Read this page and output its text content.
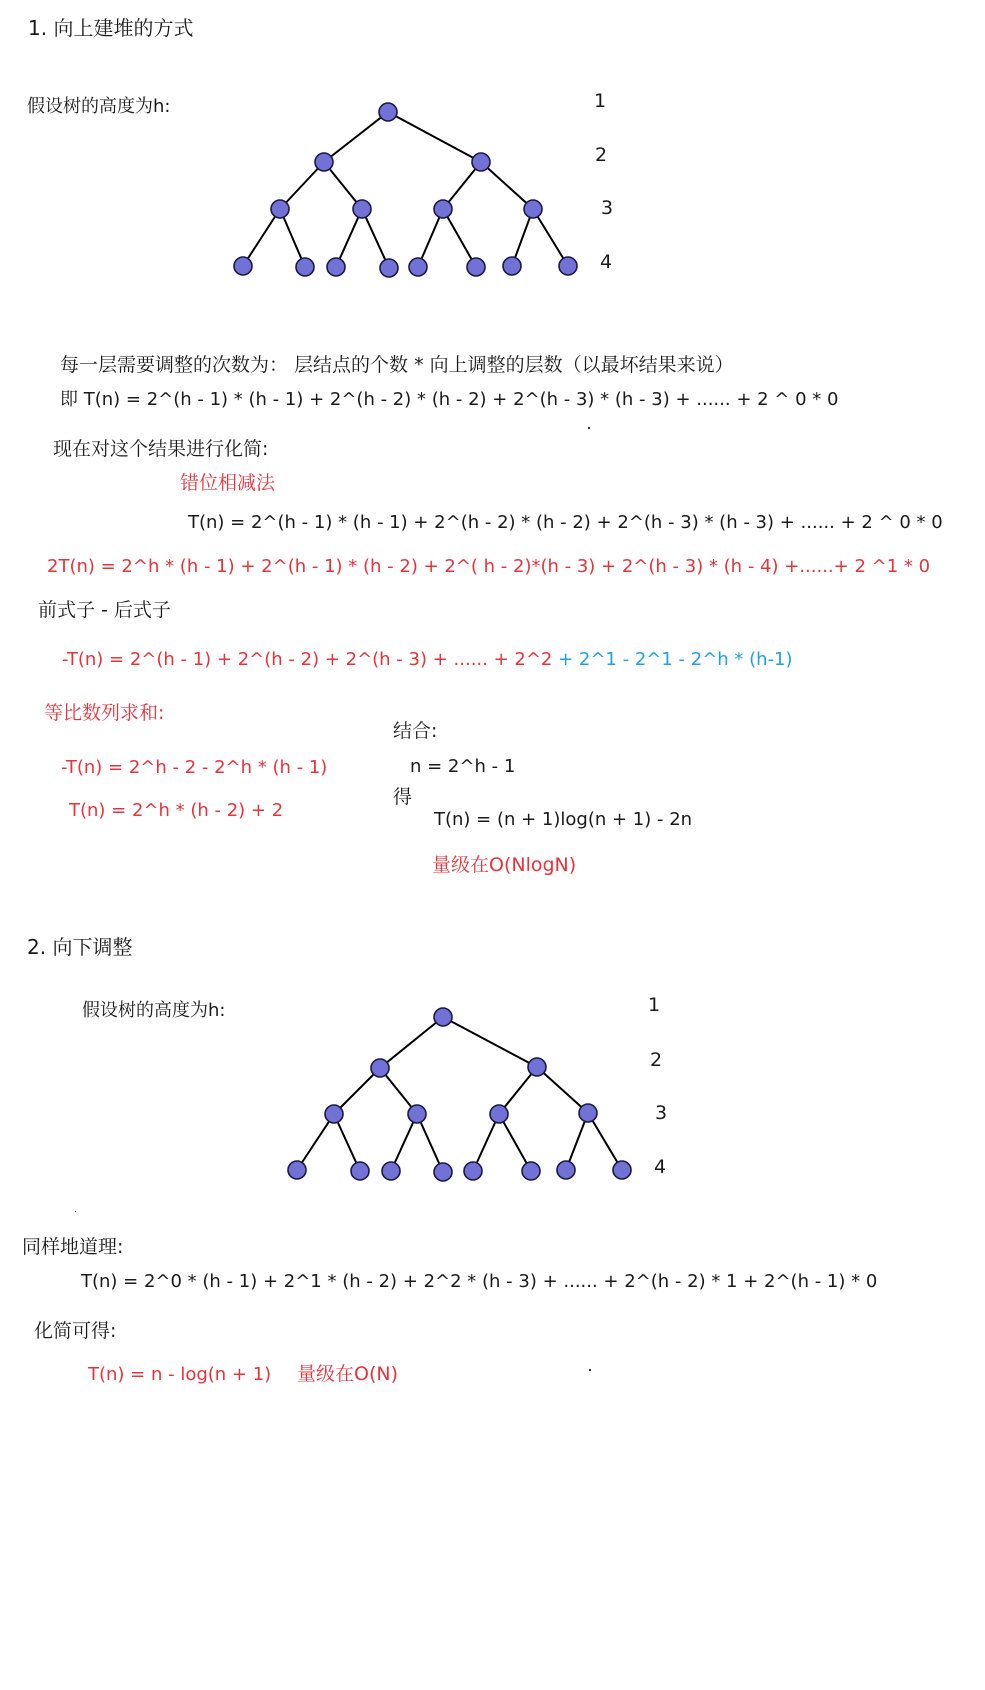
1. 向上建堆的方式
假设树的高度为h:	1
2
3
4
每一层需要调整的次数为： 层结点的个数 * 向上调整的层数（以最坏结果来说）
即 T(n) = 2^(h - 1) * (h - 1) + 2^(h - 2) * (h - 2) + 2^(h - 3) * (h - 3) + ...... + 2 ^ 0 * 0
现在对这个结果进行化简:
错位相减法
T(n) = 2^(h - 1) * (h - 1) + 2^(h - 2) * (h - 2) + 2^(h - 3) * (h - 3) + ...... + 2 ^ 0 * 0
2T(n) = 2^h * (h - 1) + 2^(h - 1) * (h - 2) + 2^( h - 2)*(h - 3) + 2^(h - 3) * (h - 4) +......+ 2 ^1 * 0
前式子 - 后式子
-T(n) = 2^(h - 1) + 2^(h - 2) + 2^(h - 3) + ...... + 2^2 + 2^1 - 2^1 - 2^h * (h-1)
等比数列求和:
-T(n) = 2^h - 2 - 2^h * (h - 1)
T(n) = 2^h * (h - 2) + 2
结合:
n = 2^h - 1
得
T(n) = (n + 1)log(n + 1) - 2n
量级在O(NlogN)
2. 向下调整
假设树的高度为h:	1
2
3
4
同样地道理:
T(n) = 2^0 * (h - 1) + 2^1 * (h - 2) + 2^2 * (h - 3) + ...... + 2^(h - 2) * 1 + 2^(h - 1) * 0
化简可得:
T(n) = n - log(n + 1) 量级在O(N)
